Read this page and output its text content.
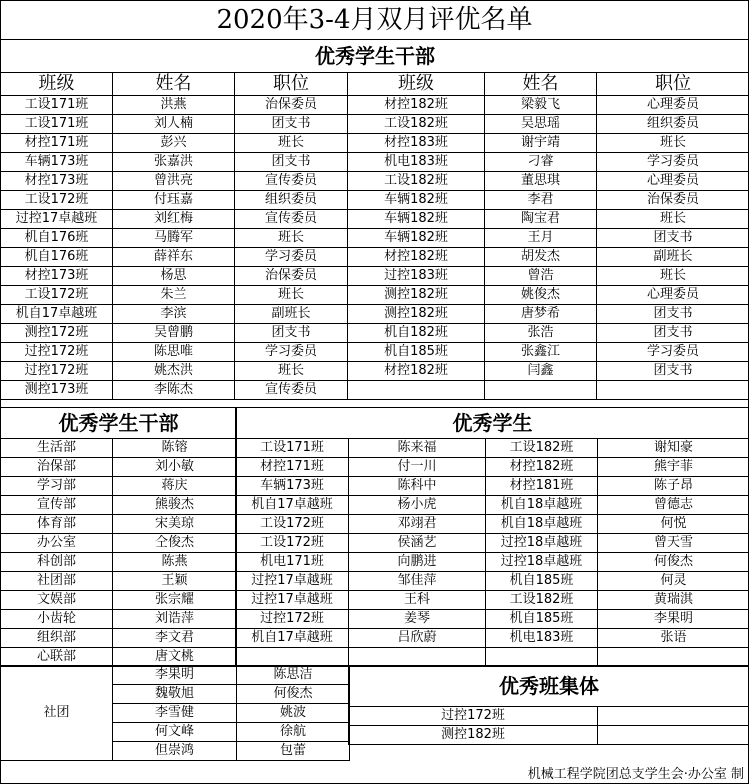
2020年3-4月双月评优名单
优秀学生干部					
班级	姓名	职位	班级	姓名	职位
工设171班	洪燕	治保委员	材控182班	梁毅飞	心理委员
工设171班	刘人楠	团支书	工设182班	吴思瑶	组织委员
材控171班	彭兴	班长	材控183班	谢宇靖	班长
车辆173班	张嘉洪	团支书	机电183班	刁睿	学习委员
材控173班	曾洪亮	宣传委员	工设182班	董思琪	心理委员
工设172班	付珏嘉	组织委员	车辆182班	李君	治保委员
过控17卓越班	刘红梅	宣传委员	车辆182班	陶宝君	班长
机自176班	马腾军	班长	车辆182班	王月	团支书
机自176班	薛祥东	学习委员	材控182班	胡发杰	副班长
材控173班	杨思	治保委员	过控183班	曾浩	班长
工设172班	朱兰	班长	测控182班	姚俊杰	心理委员
机自17卓越班	李滨	副班长	测控182班	唐梦希	团支书
测控172班	吴曾鹏	团支书	机自182班	张浩	团支书
过控172班	陈思唯	学习委员	机自185班	张鑫江	学习委员
过控172班	姚杰洪	班长	材控182班	闫鑫	团支书
测控173班	李陈杰	宣传委员			
优秀学生干部	
生活部	陈镕
治保部	刘小敏
学习部	蒋庆
宣传部	熊骏杰
体育部	宋美琼
办公室	仝俊杰
科创部	陈燕
社团部	王颖
文娱部	张宗耀
小齿轮	刘诰萍
组织部	李文君
心联部	唐文桃
优秀学生			
工设171班	陈来福	工设182班	谢知豪
材控171班	付一川	材控182班	熊宇菲
车辆173班	陈科中	材控181班	陈子昂
机自17卓越班	杨小虎	机自18卓越班	曾德志
工设172班	邓翊君	机自18卓越班	何悦
工设172班	侯涵艺	过控18卓越班	曾天雪
机电171班	向鹏进	过控18卓越班	何俊杰
过控17卓越班	邹佳萍	机自185班	何灵
过控17卓越班	王科	工设182班	黄瑞淇
过控172班	姜琴	机自185班	李果明
机自17卓越班	吕欣蔚	机电183班	张语

社团	李果明	陈思洁
	魏敬旭	何俊杰
	李雪健	姚波
	何文峰	徐航
	但崇鸿	包蕾
优秀班集体	
过控172班	
测控182班	
机械工程学院团总支学生会·办公室 制
